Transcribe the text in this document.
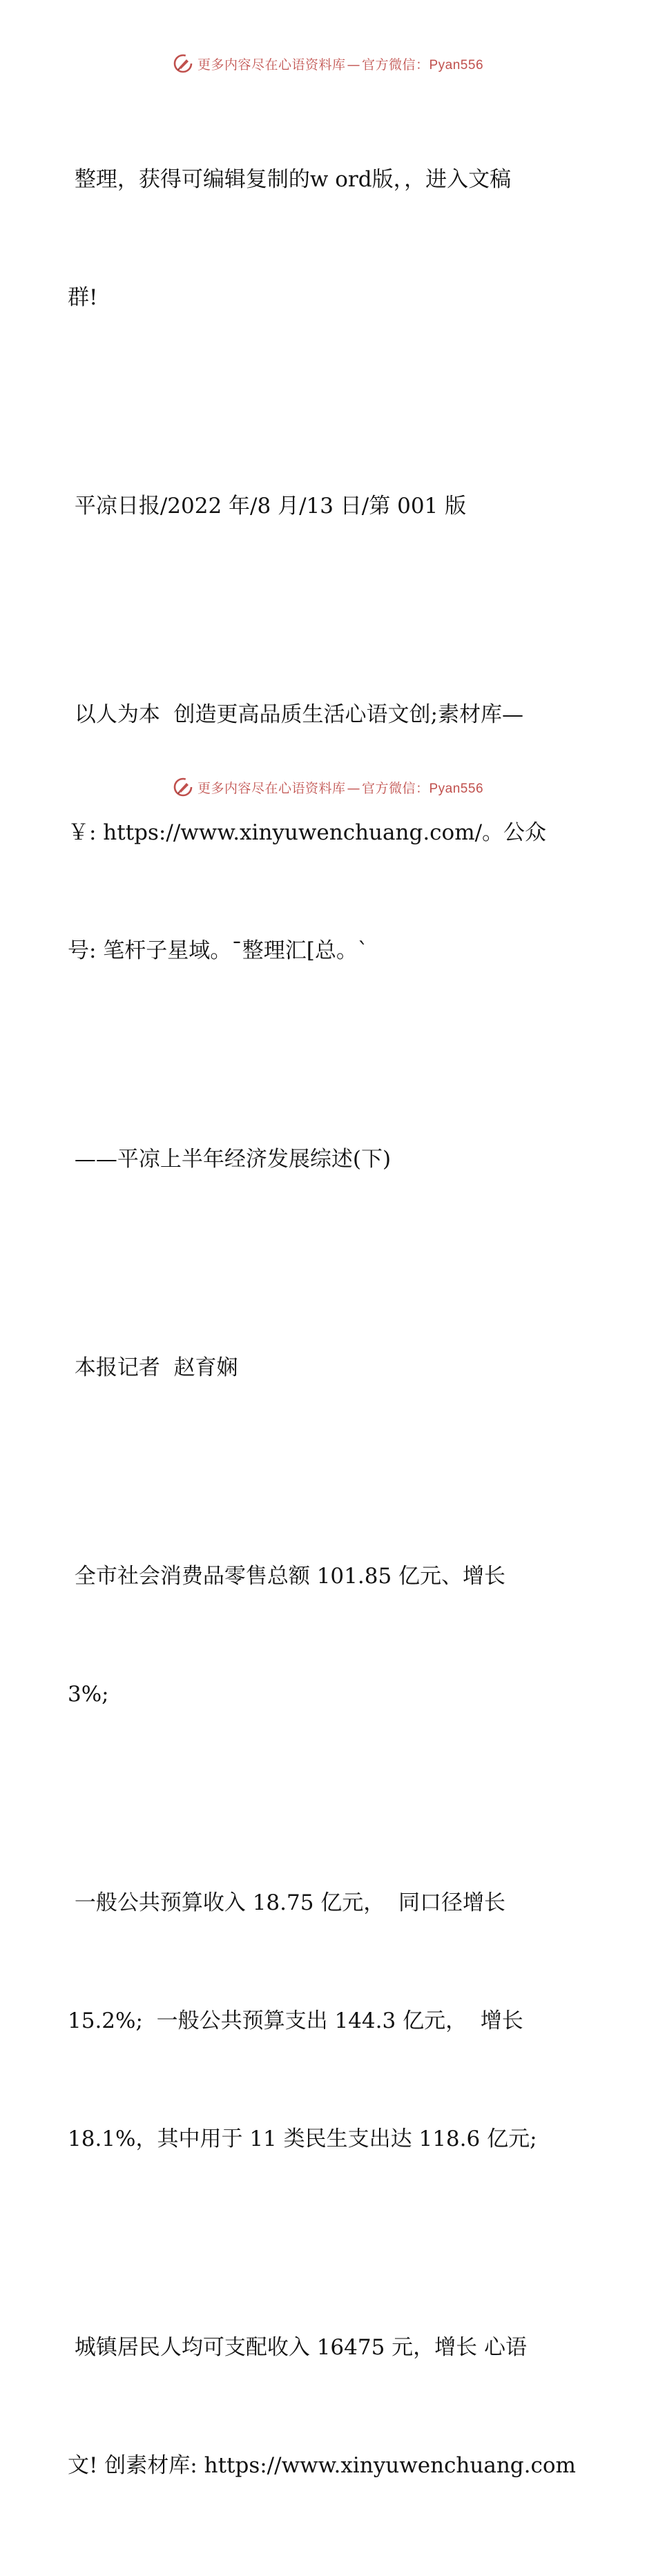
更多内容尽在心语资料库 — 官方微信：Pyan556

整理，获得可编辑复制的w ord版，，进入文稿

群!

平凉日报/2022 年/8 月/13 日/第 001 版

以人为本  创造更高品质生活心语文创;素材库—

￥: https://www.xinyuwenchuang.com/。公众

号: 笔杆子星域。¯整理汇[总。`

——平凉上半年经济发展综述(下)

本报记者  赵育娴

全市社会消费品零售总额 101.85 亿元、增长

3%;

一般公共预算收入 18.75 亿元，  同口径增长

15.2%;  一般公共预算支出 144.3 亿元，  增长

18.1%，其中用于 11 类民生支出达 118.6 亿元;

城镇居民人均可支配收入 16475 元，增长 心语

文! 创素材库: https://www.xinyuwenchuang.com

更多内容尽在心语资料库 — 官方微信：Pyan556
